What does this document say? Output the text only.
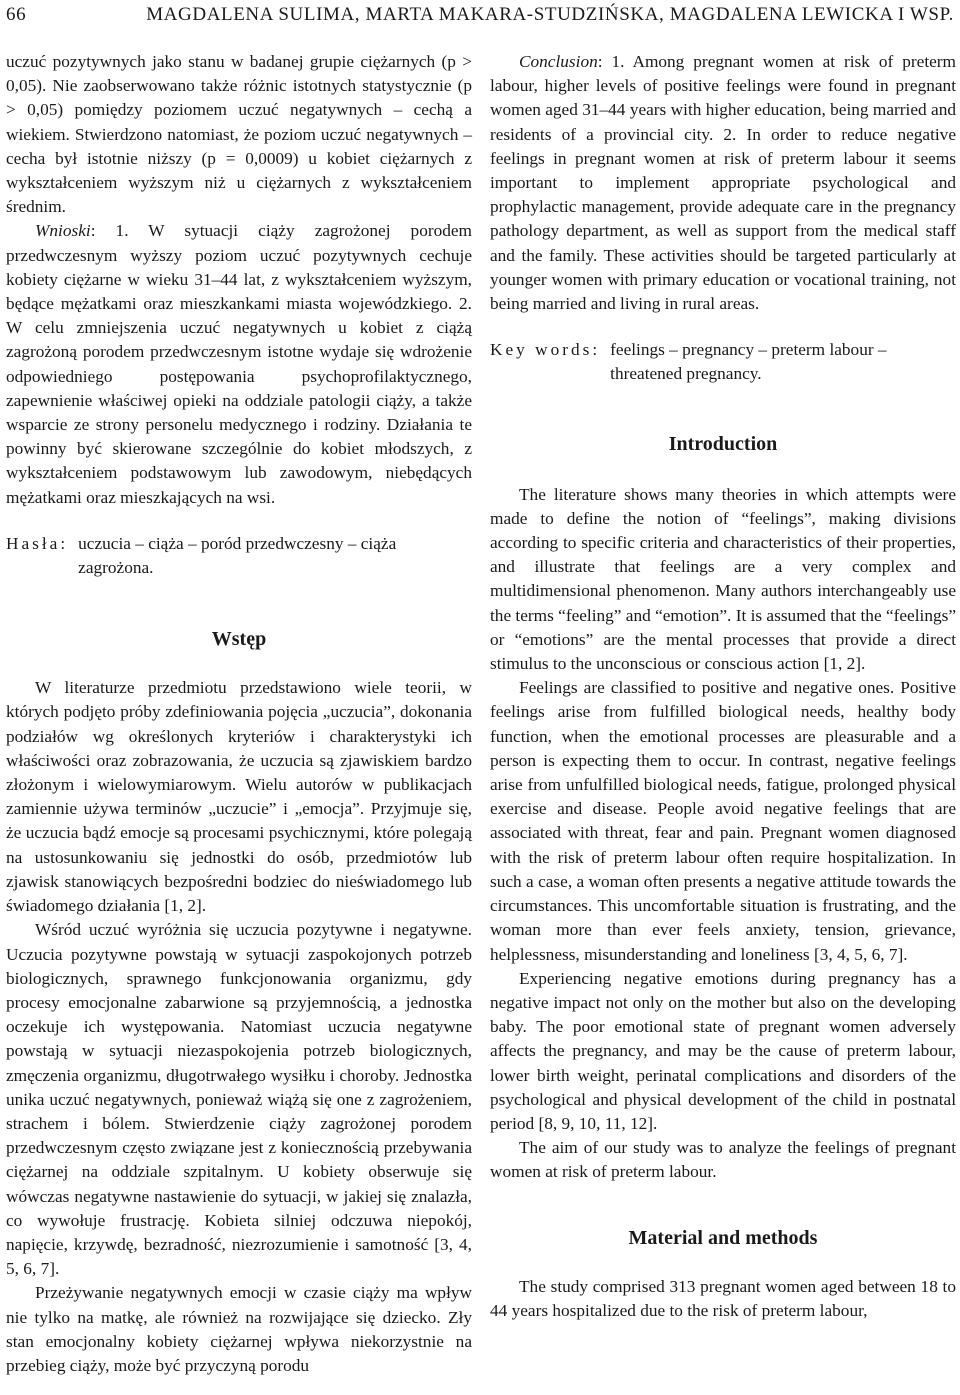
66	MAGDALENA SULIMA, MARTA MAKARA-STUDZIŃSKA, MAGDALENA LEWICKA I WSP.

uczuć pozytywnych jako stanu w badanej grupie ciężarnych (p > 0,05). Nie zaobserwowano także różnic istotnych statystycznie (p > 0,05) pomiędzy poziomem uczuć negatywnych – cechą a wiekiem. Stwierdzono natomiast, że poziom uczuć negatywnych – cecha był istotnie niższy (p = 0,0009) u kobiet ciężarnych z wykształceniem wyższym niż u ciężarnych z wykształceniem średnim.

Wnioski: 1. W sytuacji ciąży zagrożonej porodem przedwczesnym wyższy poziom uczuć pozytywnych cechuje kobiety ciężarne w wieku 31–44 lat, z wykształceniem wyższym, będące mężatkami oraz mieszkankami miasta wojewódzkiego. 2. W celu zmniejszenia uczuć negatywnych u kobiet z ciążą zagrożoną porodem przedwczesnym istotne wydaje się wdrożenie odpowiedniego postępowania psychoprofilaktycznego, zapewnienie właściwej opieki na oddziale patologii ciąży, a także wsparcie ze strony personelu medycznego i rodziny. Działania te powinny być skierowane szczególnie do kobiet młodszych, z wykształceniem podstawowym lub zawodowym, niebędących mężatkami oraz mieszkających na wsi.

Hasła: uczucia – ciąża – poród przedwczesny – ciąża zagrożona.
Wstęp

W literaturze przedmiotu przedstawiono wiele teorii, w których podjęto próby zdefiniowania pojęcia „uczucia”, dokonania podziałów wg określonych kryteriów i charakterystyki ich właściwości oraz zobrazowania, że uczucia są zjawiskiem bardzo złożonym i wielowymiarowym. Wielu autorów w publikacjach zamiennie używa terminów „uczucie” i „emocja”. Przyjmuje się, że uczucia bądź emocje są procesami psychicznymi, które polegają na ustosunkowaniu się jednostki do osób, przedmiotów lub zjawisk stanowiących bezpośredni bodziec do nieświadomego lub świadomego działania [1, 2].

Wśród uczuć wyróżnia się uczucia pozytywne i negatywne. Uczucia pozytywne powstają w sytuacji zaspokojonych potrzeb biologicznych, sprawnego funkcjonowania organizmu, gdy procesy emocjonalne zabarwione są przyjemnością, a jednostka oczekuje ich występowania. Natomiast uczucia negatywne powstają w sytuacji niezaspokojenia potrzeb biologicznych, zmęczenia organizmu, długotrwałego wysiłku i choroby. Jednostka unika uczuć negatywnych, ponieważ wiążą się one z zagrożeniem, strachem i bólem. Stwierdzenie ciąży zagrożonej porodem przedwczesnym często związane jest z koniecznością przebywania ciężarnej na oddziale szpitalnym. U kobiety obserwuje się wówczas negatywne nastawienie do sytuacji, w jakiej się znalazła, co wywołuje frustrację. Kobieta silniej odczuwa niepokój, napięcie, krzywdę, bezradność, niezrozumienie i samotność [3, 4, 5, 6, 7].

Przeżywanie negatywnych emocji w czasie ciąży ma wpływ nie tylko na matkę, ale również na rozwijające się dziecko. Zły stan emocjonalny kobiety ciężarnej wpływa niekorzystnie na przebieg ciąży, może być przyczyną porodu

Conclusion: 1. Among pregnant women at risk of preterm labour, higher levels of positive feelings were found in pregnant women aged 31–44 years with higher education, being married and residents of a provincial city. 2. In order to reduce negative feelings in pregnant women at risk of preterm labour it seems important to implement appropriate psychological and prophylactic management, provide adequate care in the pregnancy pathology department, as well as support from the medical staff and the family. These activities should be targeted particularly at younger women with primary education or vocational training, not being married and living in rural areas.

Key words: feelings – pregnancy – preterm labour – threatened pregnancy.
Introduction

The literature shows many theories in which attempts were made to define the notion of “feelings”, making divisions according to specific criteria and characteristics of their properties, and illustrate that feelings are a very complex and multidimensional phenomenon. Many authors interchangeably use the terms “feeling” and “emotion”. It is assumed that the “feelings” or “emotions” are the mental processes that provide a direct stimulus to the unconscious or conscious action [1, 2].

Feelings are classified to positive and negative ones. Positive feelings arise from fulfilled biological needs, healthy body function, when the emotional processes are pleasurable and a person is expecting them to occur. In contrast, negative feelings arise from unfulfilled biological needs, fatigue, prolonged physical exercise and disease. People avoid negative feelings that are associated with threat, fear and pain. Pregnant women diagnosed with the risk of preterm labour often require hospitalization. In such a case, a woman often presents a negative attitude towards the circumstances. This uncomfortable situation is frustrating, and the woman more than ever feels anxiety, tension, grievance, helplessness, misunderstanding and loneliness [3, 4, 5, 6, 7].

Experiencing negative emotions during pregnancy has a negative impact not only on the mother but also on the developing baby. The poor emotional state of pregnant women adversely affects the pregnancy, and may be the cause of preterm labour, lower birth weight, perinatal complications and disorders of the psychological and physical development of the child in postnatal period [8, 9, 10, 11, 12].

The aim of our study was to analyze the feelings of pregnant women at risk of preterm labour.

Material and methods

The study comprised 313 pregnant women aged between 18 to 44 years hospitalized due to the risk of preterm labour,
